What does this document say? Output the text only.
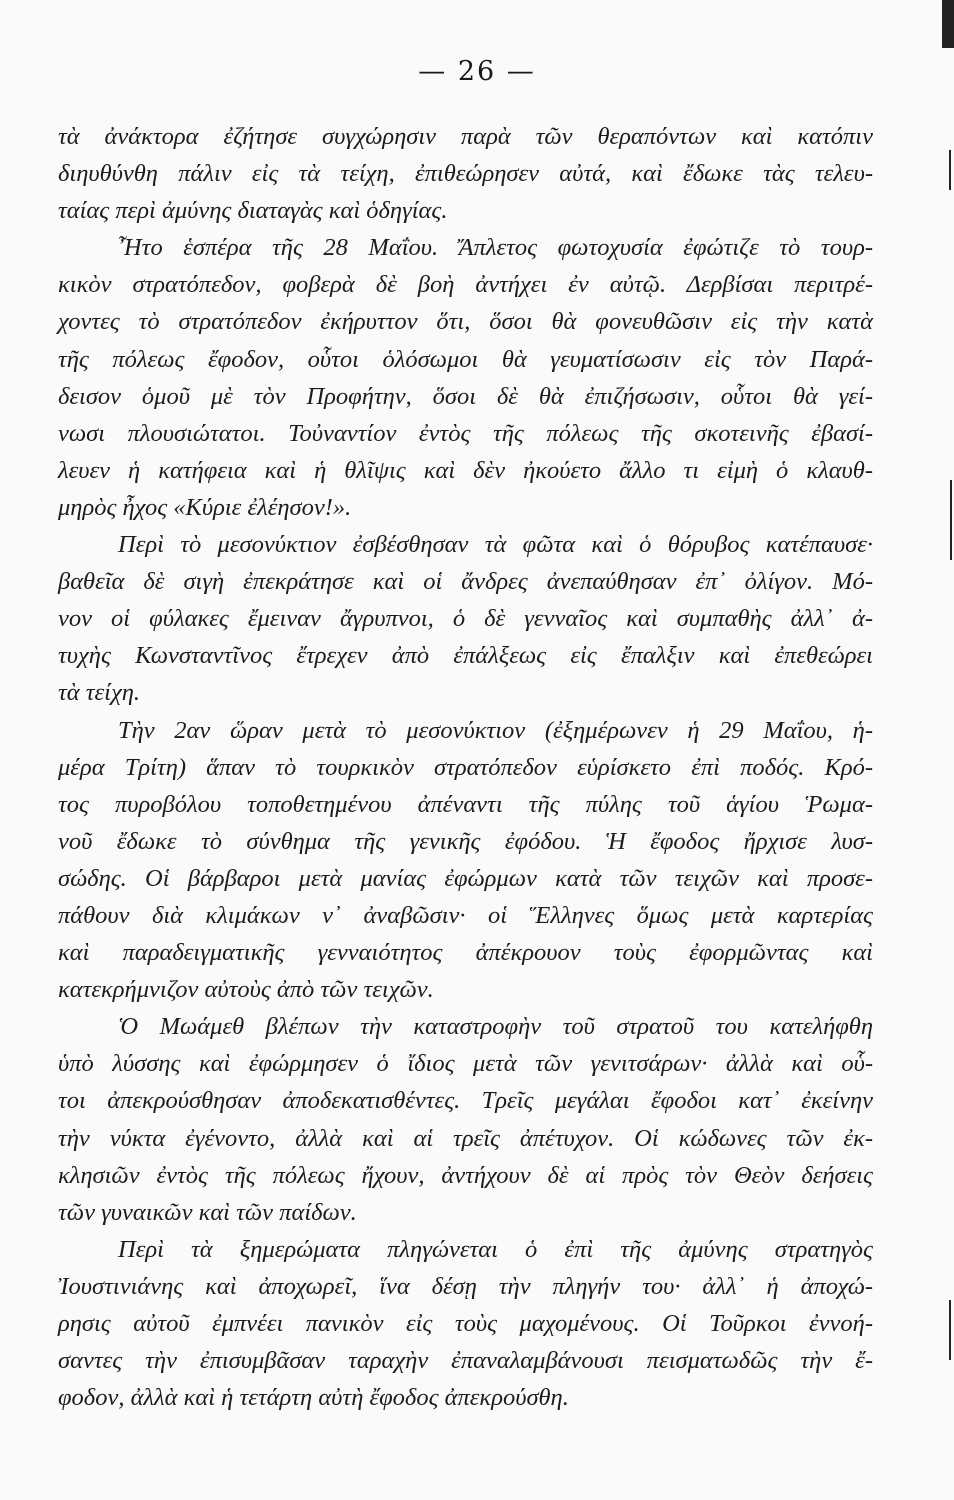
— 26 —
τὰ ἀνάκτορα ἐζήτησε συγχώρησιν παρὰ τῶν θεραπόντων καὶ κατόπιν
διηυθύνθη πάλιν εἰς τὰ τείχη, ἐπιθεώρησεν αὐτά, καὶ ἔδωκε τὰς τελευ-
ταίας περὶ ἀμύνης διαταγὰς καὶ ὁδηγίας.
Ἦτο ἑσπέρα τῆς 28 Μαΐου. Ἄπλετος φωτοχυσία ἐφώτιζε τὸ τουρ-
κικὸν στρατόπεδον, φοβερὰ δὲ βοὴ ἀντήχει ἐν αὐτῷ. Δερβίσαι περιτρέ-
χοντες τὸ στρατόπεδον ἐκήρυττον ὅτι, ὅσοι θὰ φονευθῶσιν εἰς τὴν κατὰ
τῆς πόλεως ἔφοδον, οὗτοι ὁλόσωμοι θὰ γευματίσωσιν εἰς τὸν Παρά-
δεισον ὁμοῦ μὲ τὸν Προφήτην, ὅσοι δὲ θὰ ἐπιζήσωσιν, οὗτοι θὰ γεί-
νωσι πλουσιώτατοι. Τοὐναντίον ἐντὸς τῆς πόλεως τῆς σκοτεινῆς ἐβασί-
λευεν ἡ κατήφεια καὶ ἡ θλῖψις καὶ δὲν ἠκούετο ἄλλο τι εἰμὴ ὁ κλαυθ-
μηρὸς ἦχος «Κύριε ἐλέησον!».
Περὶ τὸ μεσονύκτιον ἐσβέσθησαν τὰ φῶτα καὶ ὁ θόρυβος κατέπαυσε·
βαθεῖα δὲ σιγὴ ἐπεκράτησε καὶ οἱ ἄνδρες ἀνεπαύθησαν ἐπ᾿ ὀλίγον. Μό-
νον οἱ φύλακες ἔμειναν ἄγρυπνοι, ὁ δὲ γενναῖος καὶ συμπαθὴς ἀλλ᾿ ἀ-
τυχὴς Κωνσταντῖνος ἔτρεχεν ἀπὸ ἐπάλξεως εἰς ἔπαλξιν καὶ ἐπεθεώρει
τὰ τείχη.
Τὴν 2αν ὥραν μετὰ τὸ μεσονύκτιον (ἐξημέρωνεν ἡ 29 Μαΐου, ἡ-
μέρα Τρίτη) ἅπαν τὸ τουρκικὸν στρατόπεδον εὑρίσκετο ἐπὶ ποδός. Κρό-
τος πυροβόλου τοποθετημένου ἀπέναντι τῆς πύλης τοῦ ἁγίου Ῥωμα-
νοῦ ἔδωκε τὸ σύνθημα τῆς γενικῆς ἐφόδου. Ἡ ἔφοδος ἤρχισε λυσ-
σώδης. Οἱ βάρβαροι μετὰ μανίας ἐφώρμων κατὰ τῶν τειχῶν καὶ προσε-
πάθουν διὰ κλιμάκων ν᾿ ἀναβῶσιν· οἱ Ἕλληνες ὅμως μετὰ καρτερίας
καὶ παραδειγματικῆς γενναιότητος ἀπέκρουον τοὺς ἐφορμῶντας καὶ
κατεκρήμνιζον αὐτοὺς ἀπὸ τῶν τειχῶν.
Ὁ Μωάμεθ βλέπων τὴν καταστροφὴν τοῦ στρατοῦ του κατελήφθη
ὑπὸ λύσσης καὶ ἐφώρμησεν ὁ ἴδιος μετὰ τῶν γενιτσάρων· ἀλλὰ καὶ οὗ-
τοι ἀπεκρούσθησαν ἀποδεκατισθέντες. Τρεῖς μεγάλαι ἔφοδοι κατ᾿ ἐκείνην
τὴν νύκτα ἐγένοντο, ἀλλὰ καὶ αἱ τρεῖς ἀπέτυχον. Οἱ κώδωνες τῶν ἐκ-
κλησιῶν ἐντὸς τῆς πόλεως ἤχουν, ἀντήχουν δὲ αἱ πρὸς τὸν Θεὸν δεήσεις
τῶν γυναικῶν καὶ τῶν παίδων.
Περὶ τὰ ξημερώματα πληγώνεται ὁ ἐπὶ τῆς ἀμύνης στρατηγὸς
Ἰουστινιάνης καὶ ἀποχωρεῖ, ἵνα δέσῃ τὴν πληγήν του· ἀλλ᾿ ἡ ἀποχώ-
ρησις αὐτοῦ ἐμπνέει πανικὸν εἰς τοὺς μαχομένους. Οἱ Τοῦρκοι ἐννοή-
σαντες τὴν ἐπισυμβᾶσαν ταραχὴν ἐπαναλαμβάνουσι πεισματωδῶς τὴν ἔ-
φοδον, ἀλλὰ καὶ ἡ τετάρτη αὐτὴ ἔφοδος ἀπεκρούσθη.
